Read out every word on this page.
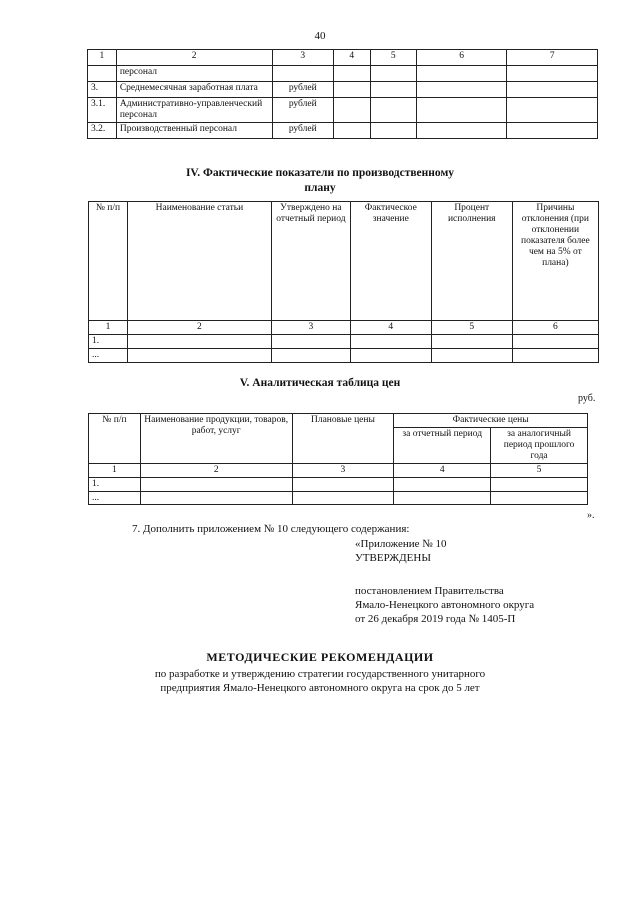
40
1	2	3	4	5	6	7
	персонал					
3.	Среднемесячная заработная плата	рублей				
3.1.	Административно-управленческий персонал	рублей				
3.2.	Производственный персонал	рублей				
IV. Фактические показатели по производственному
плану
№ п/п	Наименование статьи	Утверждено на отчетный период	Фактическое значение	Процент исполнения	Причины отклонения (при отклонении показателя более чем на 5% от плана)
1	2	3	4	5	6
1.					
...					
V. Аналитическая таблица цен
руб.
№ п/п	Наименование продукции, товаров, работ, услуг	Плановые цены	Фактические цены	
			за отчетный период	за аналогичный период прошлого года
1	2	3	4	5
1.				
...				
».
7. Дополнить приложением № 10 следующего содержания:
«Приложение № 10
УТВЕРЖДЕНЫ
постановлением Правительства
Ямало-Ненецкого автономного округа
от 26 декабря 2019 года № 1405-П
МЕТОДИЧЕСКИЕ РЕКОМЕНДАЦИИ
по разработке и утверждению стратегии государственного унитарного
предприятия Ямало-Ненецкого автономного округа на срок до 5 лет
